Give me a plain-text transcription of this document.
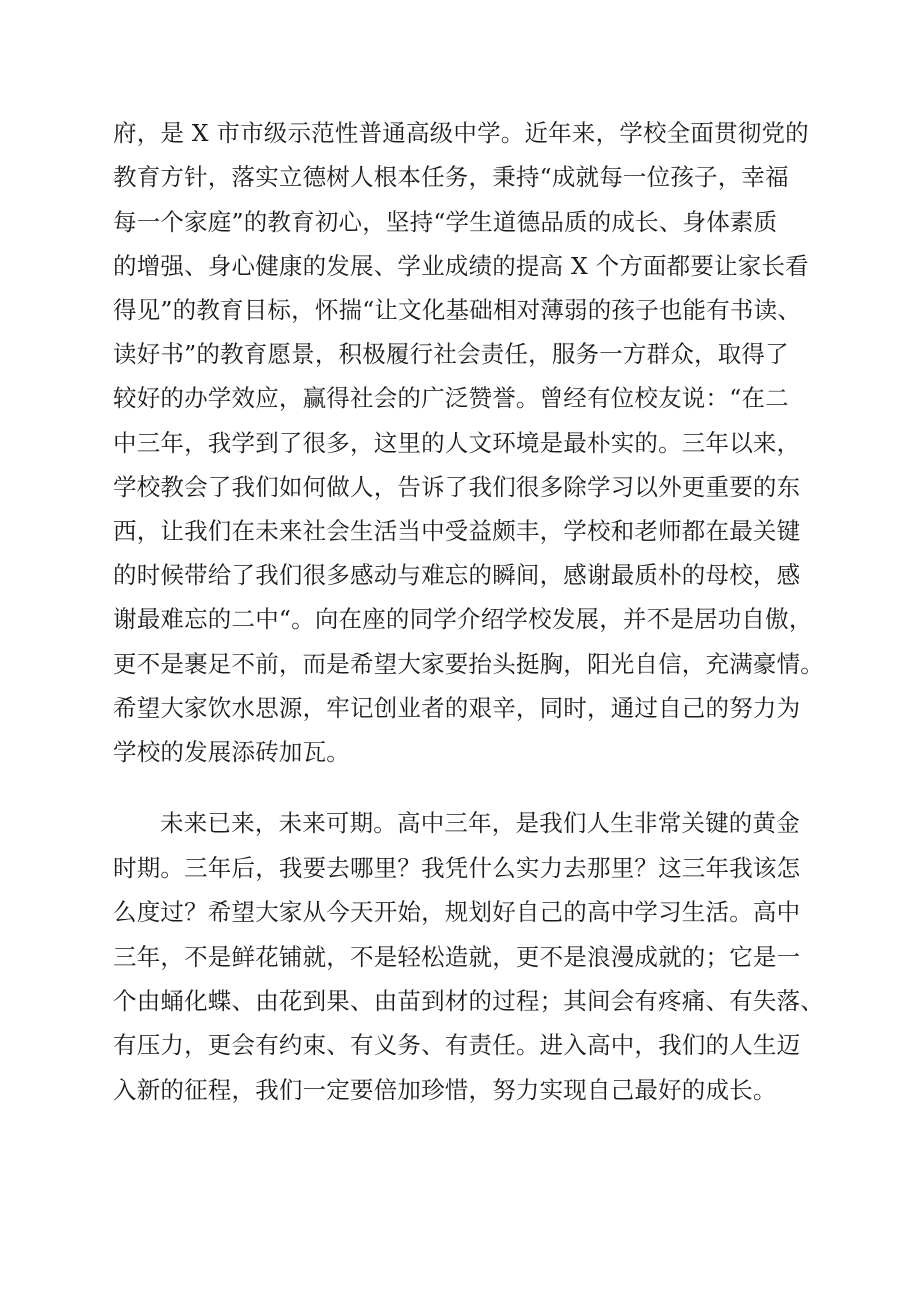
府，是 X 市市级示范性普通高级中学。近年来，学校全面贯彻党的
教育方针，落实立德树人根本任务，秉持“成就每一位孩子，幸福
每一个家庭”的教育初心，坚持“学生道德品质的成长、身体素质
的增强、身心健康的发展、学业成绩的提高 X 个方面都要让家长看
得见”的教育目标，怀揣“让文化基础相对薄弱的孩子也能有书读、
读好书”的教育愿景，积极履行社会责任，服务一方群众，取得了
较好的办学效应，赢得社会的广泛赞誉。曾经有位校友说：“在二
中三年，我学到了很多，这里的人文环境是最朴实的。三年以来，
学校教会了我们如何做人，告诉了我们很多除学习以外更重要的东
西，让我们在未来社会生活当中受益颇丰，学校和老师都在最关键
的时候带给了我们很多感动与难忘的瞬间，感谢最质朴的母校，感
谢最难忘的二中“。向在座的同学介绍学校发展，并不是居功自傲，
更不是裹足不前，而是希望大家要抬头挺胸，阳光自信，充满豪情。
希望大家饮水思源，牢记创业者的艰辛，同时，通过自己的努力为
学校的发展添砖加瓦。
未来已来，未来可期。高中三年，是我们人生非常关键的黄金
时期。三年后，我要去哪里？我凭什么实力去那里？这三年我该怎
么度过？希望大家从今天开始，规划好自己的高中学习生活。高中
三年，不是鲜花铺就，不是轻松造就，更不是浪漫成就的；它是一
个由蛹化蝶、由花到果、由苗到材的过程；其间会有疼痛、有失落、
有压力，更会有约束、有义务、有责任。进入高中，我们的人生迈
入新的征程，我们一定要倍加珍惜，努力实现自己最好的成长。
